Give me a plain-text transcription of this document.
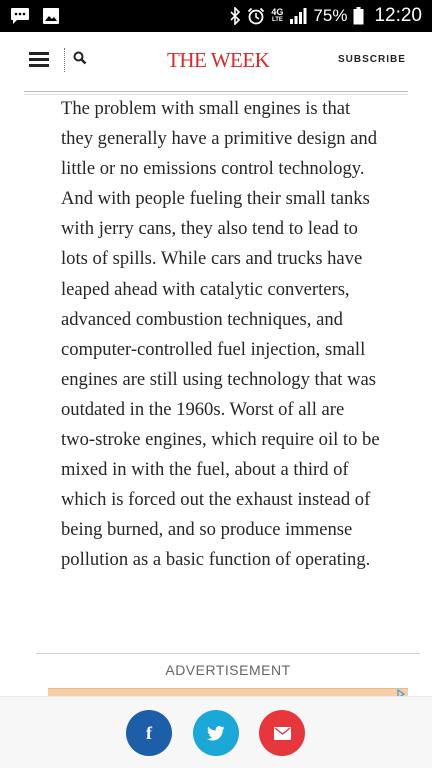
4G
LTE 75% 12:20
THE WEEK	SUBSCRIBE

The problem with small engines is that they generally have a primitive design and little or no emissions control technology. And with people fueling their small tanks with jerry cans, they also tend to lead to lots of spills. While cars and trucks have leaped ahead with catalytic converters, advanced combustion techniques, and computer-controlled fuel injection, small engines are still using technology that was outdated in the 1960s. Worst of all are two-stroke engines, which require oil to be mixed in with the fuel, about a third of which is forced out the exhaust instead of being burned, and so produce immense pollution as a basic function of operating.

ADVERTISEMENT
f
